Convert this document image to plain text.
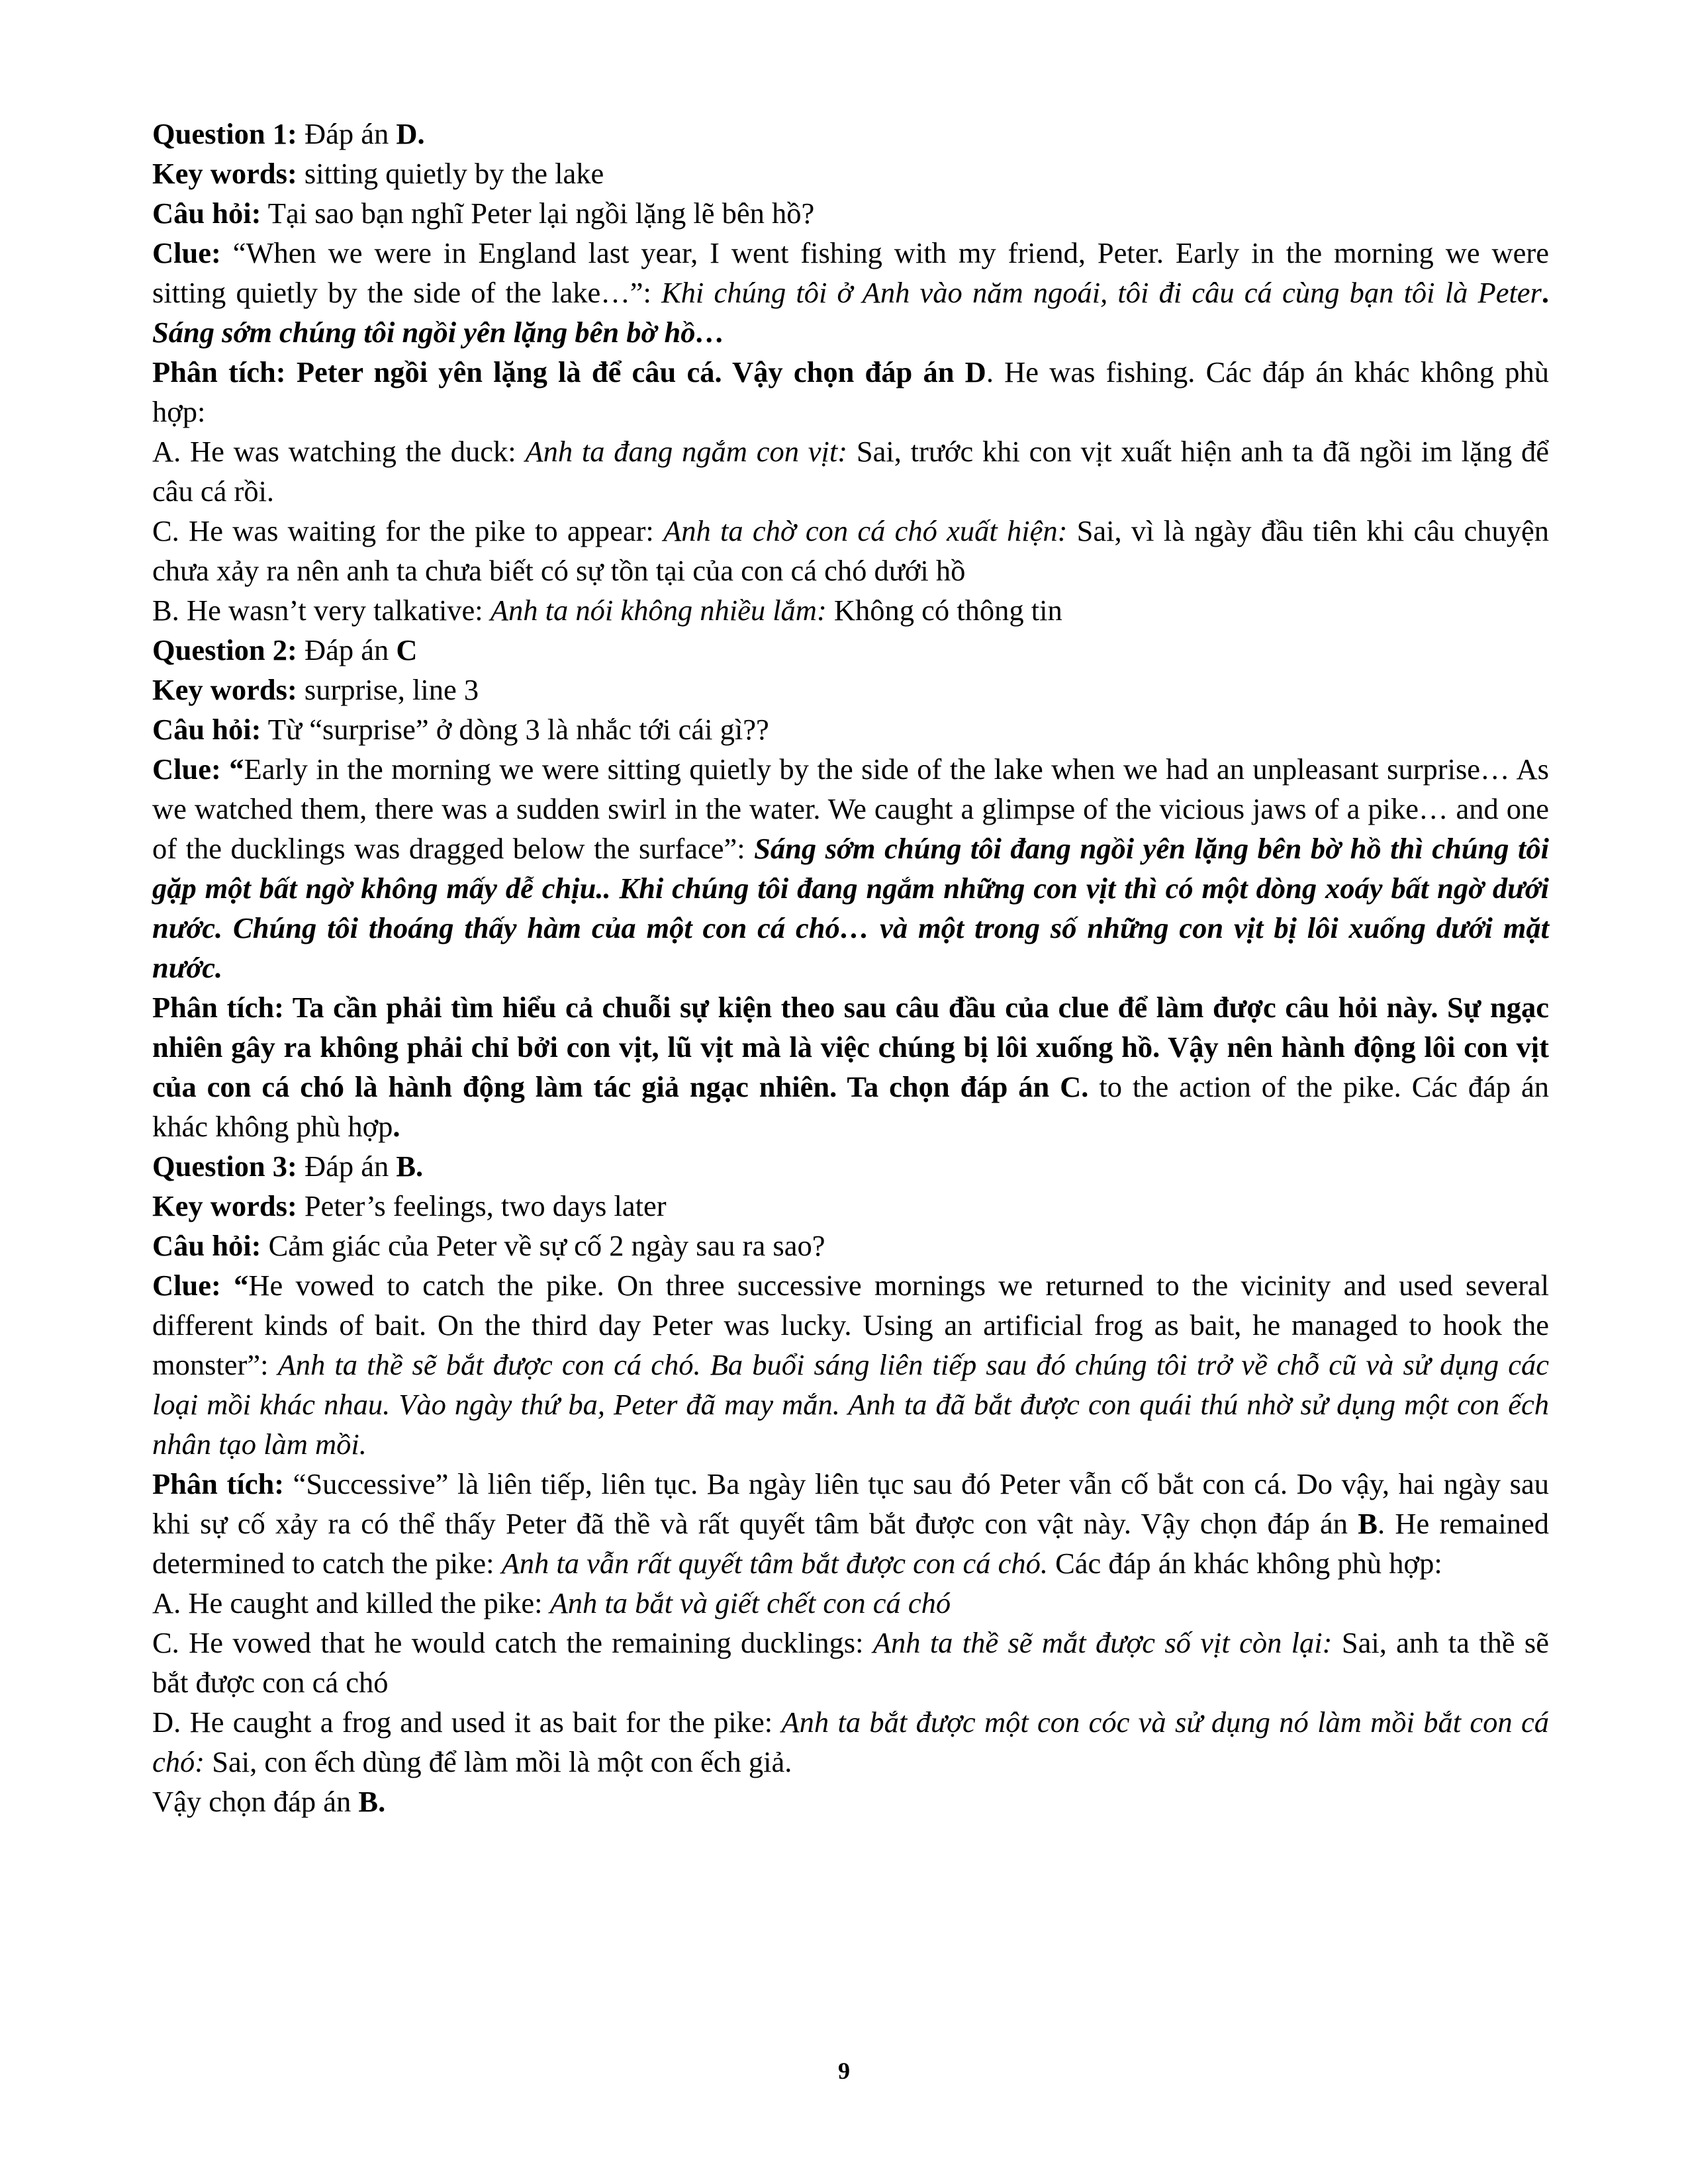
Question 1: Đáp án D.
Key words: sitting quietly by the lake
Câu hỏi: Tại sao bạn nghĩ Peter lại ngồi lặng lẽ bên hồ?
Clue: “When we were in England last year, I went fishing with my friend, Peter. Early in the morning we were
sitting quietly by the side of the lake…”: Khi chúng tôi ở Anh vào năm ngoái, tôi đi câu cá cùng bạn tôi là Peter.
Sáng sớm chúng tôi ngồi yên lặng bên bờ hồ…
Phân tích: Peter ngồi yên lặng là để câu cá. Vậy chọn đáp án D. He was fishing. Các đáp án khác không phù
hợp:
A. He was watching the duck: Anh ta đang ngắm con vịt: Sai, trước khi con vịt xuất hiện anh ta đã ngồi im lặng để
câu cá rồi.
C. He was waiting for the pike to appear: Anh ta chờ con cá chó xuất hiện: Sai, vì là ngày đầu tiên khi câu chuyện
chưa xảy ra nên anh ta chưa biết có sự tồn tại của con cá chó dưới hồ
B. He wasn’t very talkative: Anh ta nói không nhiều lắm: Không có thông tin
Question 2: Đáp án C
Key words: surprise, line 3
Câu hỏi: Từ “surprise” ở dòng 3 là nhắc tới cái gì??
Clue: “Early in the morning we were sitting quietly by the side of the lake when we had an unpleasant surprise… As
we watched them, there was a sudden swirl in the water. We caught a glimpse of the vicious jaws of a pike… and one
of the ducklings was dragged below the surface”: Sáng sớm chúng tôi đang ngồi yên lặng bên bờ hồ thì chúng tôi
gặp một bất ngờ không mấy dễ chịu.. Khi chúng tôi đang ngắm những con vịt thì có một dòng xoáy bất ngờ dưới
nước. Chúng tôi thoáng thấy hàm của một con cá chó… và một trong số những con vịt bị lôi xuống dưới mặt
nước.
Phân tích: Ta cần phải tìm hiểu cả chuỗi sự kiện theo sau câu đầu của clue để làm được câu hỏi này. Sự ngạc
nhiên gây ra không phải chỉ bởi con vịt, lũ vịt mà là việc chúng bị lôi xuống hồ. Vậy nên hành động lôi con vịt
của con cá chó là hành động làm tác giả ngạc nhiên. Ta chọn đáp án C. to the action of the pike. Các đáp án
khác không phù hợp.
Question 3: Đáp án B.
Key words: Peter’s feelings, two days later
Câu hỏi: Cảm giác của Peter về sự cố 2 ngày sau ra sao?
Clue: “He vowed to catch the pike. On three successive mornings we returned to the vicinity and used several
different kinds of bait. On the third day Peter was lucky. Using an artificial frog as bait, he managed to hook the
monster”: Anh ta thề sẽ bắt được con cá chó. Ba buổi sáng liên tiếp sau đó chúng tôi trở về chỗ cũ và sử dụng các
loại mồi khác nhau. Vào ngày thứ ba, Peter đã may mắn. Anh ta đã bắt được con quái thú nhờ sử dụng một con ếch
nhân tạo làm mồi.
Phân tích: “Successive” là liên tiếp, liên tục. Ba ngày liên tục sau đó Peter vẫn cố bắt con cá. Do vậy, hai ngày sau
khi sự cố xảy ra có thể thấy Peter đã thề và rất quyết tâm bắt được con vật này. Vậy chọn đáp án B. He remained
determined to catch the pike: Anh ta vẫn rất quyết tâm bắt được con cá chó. Các đáp án khác không phù hợp:
A. He caught and killed the pike: Anh ta bắt và giết chết con cá chó
C. He vowed that he would catch the remaining ducklings: Anh ta thề sẽ mắt được số vịt còn lại: Sai, anh ta thề sẽ
bắt được con cá chó
D. He caught a frog and used it as bait for the pike: Anh ta bắt được một con cóc và sử dụng nó làm mồi bắt con cá
chó: Sai, con ếch dùng để làm mồi là một con ếch giả.
Vậy chọn đáp án B.
9
